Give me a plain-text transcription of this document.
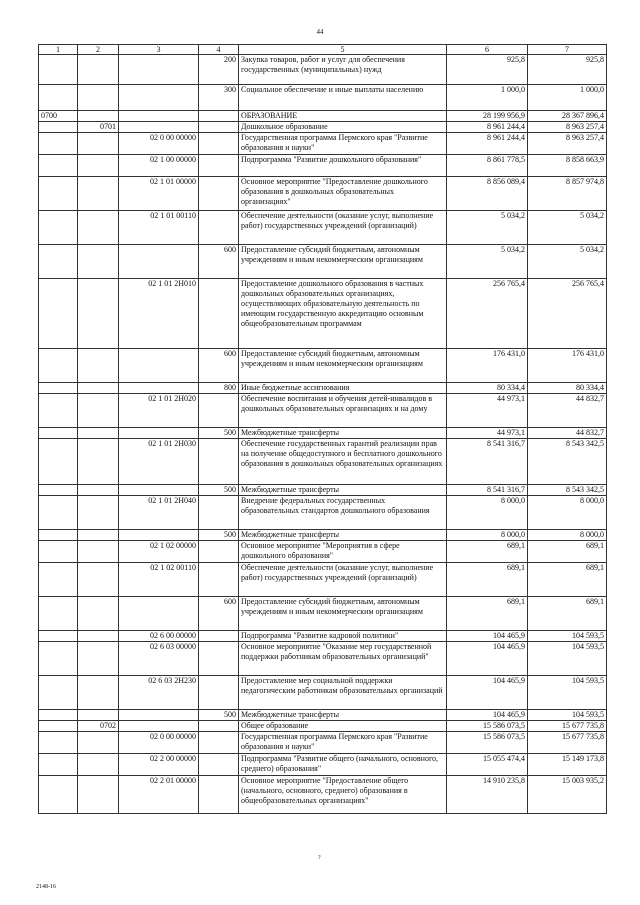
44
1	2	3	4	5	6	7
			200	Закупка товаров, работ и услуг для обеспечения государственных (муниципальных) нужд	925,8	925,8
			300	Социальное обеспечение и иные выплаты населению	1 000,0	1 000,0
0700				ОБРАЗОВАНИЕ	28 199 956,9	28 367 896,4
	0701			Дошкольное образование	8 961 244,4	8 963 257,4
		02 0 00 00000		Государственная программа Пермского края "Развитие образования и науки"	8 961 244,4	8 963 257,4
		02 1 00 00000		Подпрограмма "Развитие дошкольного образования"	8 861 778,5	8 858 663,9
		02 1 01 00000		Основное мероприятие "Предоставление дошкольного образования в дошкольных образовательных организациях"	8 856 089,4	8 857 974,8
		02 1 01 00110		Обеспечение деятельности (оказание услуг, выполнение работ) государственных учреждений (организаций)	5 034,2	5 034,2
			600	Предоставление субсидий бюджетным, автономным учреждениям и иным некоммерческим организациям	5 034,2	5 034,2
		02 1 01 2Н010		Предоставление дошкольного образования в частных дошкольных образовательных организациях, осуществляющих образовательную деятельность по имеющим государственную аккредитацию основным общеобразовательным программам	256 765,4	256 765,4
			600	Предоставление субсидий бюджетным, автономным учреждениям и иным некоммерческим организациям	176 431,0	176 431,0
			800	Иные бюджетные ассигнования	80 334,4	80 334,4
		02 1 01 2Н020		Обеспечение воспитания и обучения детей-инвалидов в дошкольных образовательных организациях и на дому	44 973,1	44 832,7
			500	Межбюджетные трансферты	44 973,1	44 832,7
		02 1 01 2Н030		Обеспечение государственных гарантий реализации прав на получение общедоступного и бесплатного дошкольного образования в дошкольных образовательных организациях	8 541 316,7	8 543 342,5
			500	Межбюджетные трансферты	8 541 316,7	8 543 342,5
		02 1 01 2Н040		Внедрение федеральных государственных образовательных стандартов дошкольного образования	8 000,0	8 000,0
			500	Межбюджетные трансферты	8 000,0	8 000,0
		02 1 02 00000		Основное мероприятие "Мероприятия в сфере дошкольного образования"	689,1	689,1
		02 1 02 00110		Обеспечение деятельности (оказание услуг, выполнение работ) государственных учреждений (организаций)	689,1	689,1
			600	Предоставление субсидий бюджетным, автономным учреждениям и иным некоммерческим организациям	689,1	689,1
		02 6 00 00000		Подпрограмма "Развитие кадровой политики"	104 465,9	104 593,5
		02 6 03 00000		Основное мероприятие "Оказание мер государственной поддержки работникам образовательных организаций"	104 465,9	104 593,5
		02 6 03 2Н230		Предоставление мер социальной поддержки педагогическим работникам образовательных организаций	104 465,9	104 593,5
			500	Межбюджетные трансферты	104 465,9	104 593,5
	0702			Общее образование	15 586 073,5	15 677 735,8
		02 0 00 00000		Государственная программа Пермского края "Развитие образования и науки"	15 586 073,5	15 677 735,8
		02 2 00 00000		Подпрограмма "Развитие общего (начального, основного, среднего) образования"	15 055 474,4	15 149 173,8
		02 2 01 00000		Основное мероприятие "Предоставление общего (начального, основного, среднего) образования в общеобразовательных организациях"	14 910 235,8	15 003 935,2
?
2148-16
